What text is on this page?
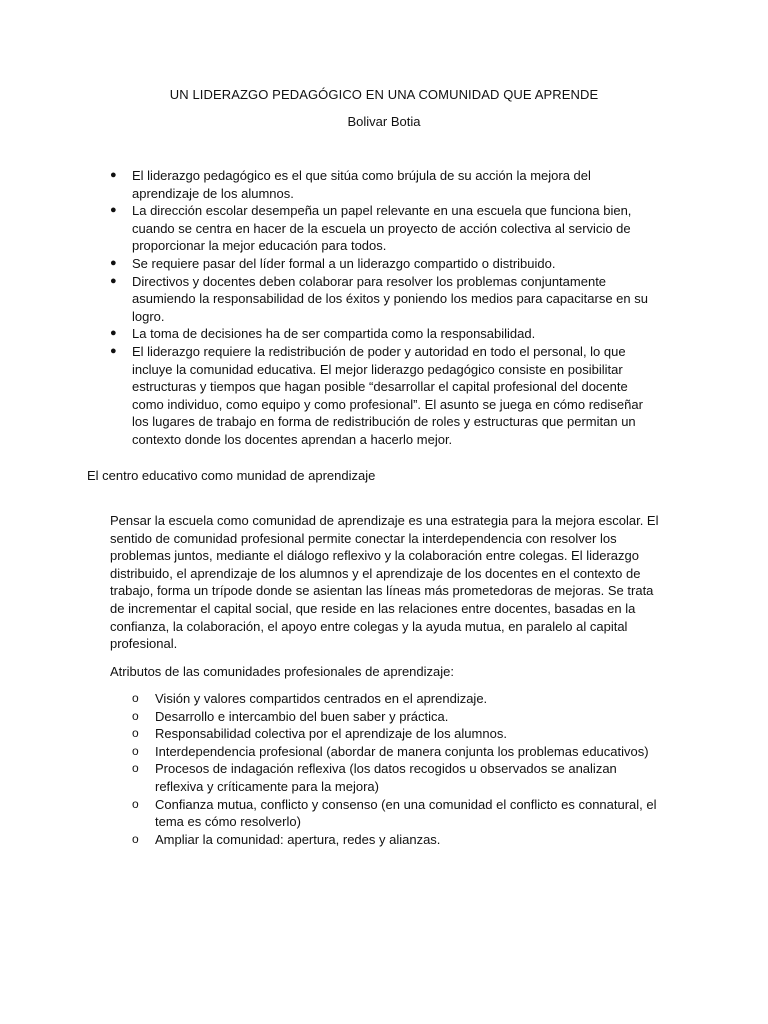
UN LIDERAZGO PEDAGÓGICO EN UNA COMUNIDAD QUE APRENDE
Bolivar Botia
● El liderazgo pedagógico es el que sitúa como brújula de su acción la mejora del aprendizaje de los alumnos.
● La dirección escolar desempeña un papel relevante en una escuela que funciona bien, cuando se centra en hacer de la escuela un proyecto de acción colectiva al servicio de proporcionar la mejor educación para todos.
● Se requiere pasar del líder formal a un liderazgo compartido o distribuido.
● Directivos y docentes deben colaborar para resolver los problemas conjuntamente asumiendo la responsabilidad de los éxitos y poniendo los medios para capacitarse en su logro.
● La toma de decisiones ha de ser compartida como la responsabilidad.
● El liderazgo requiere la redistribución de poder y autoridad en todo el personal, lo que incluye la comunidad educativa. El mejor liderazgo pedagógico consiste en posibilitar estructuras y tiempos que hagan posible “desarrollar el capital profesional del docente como individuo, como equipo y como profesional”. El asunto se juega en cómo rediseñar los lugares de trabajo en forma de redistribución de roles y estructuras que permitan un contexto donde los docentes aprendan a hacerlo mejor.
El centro educativo como munidad de aprendizaje

Pensar la escuela como comunidad de aprendizaje es una estrategia para la mejora escolar. El sentido de comunidad profesional permite conectar la interdependencia con resolver los problemas juntos, mediante el diálogo reflexivo y la colaboración entre colegas. El liderazgo distribuido, el aprendizaje de los alumnos y el aprendizaje de los docentes en el contexto de trabajo, forma un trípode donde se asientan las líneas más prometedoras de mejoras. Se trata de incrementar el capital social, que reside en las relaciones entre docentes, basadas en la confianza, la colaboración, el apoyo entre colegas y la ayuda mutua, en paralelo al capital profesional.

Atributos de las comunidades profesionales de aprendizaje:
o Visión y valores compartidos centrados en el aprendizaje.
o Desarrollo e intercambio del buen saber y práctica.
o Responsabilidad colectiva por el aprendizaje de los alumnos.
o Interdependencia profesional (abordar de manera conjunta los problemas educativos)
o Procesos de indagación reflexiva (los datos recogidos u observados se analizan reflexiva y críticamente para la mejora)
o Confianza mutua, conflicto y consenso (en una comunidad el conflicto es connatural, el tema es cómo resolverlo)
o Ampliar la comunidad: apertura, redes y alianzas.
